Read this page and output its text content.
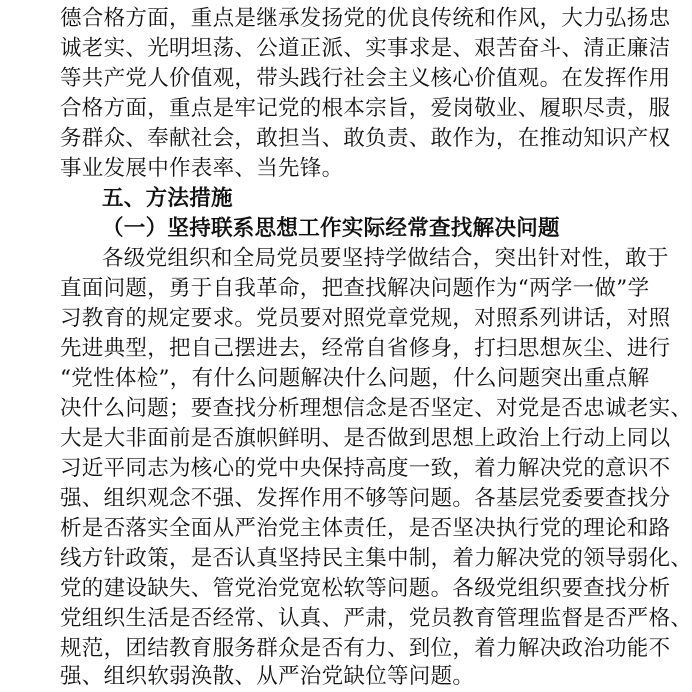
德合格方面，重点是继承发扬党的优良传统和作风，大力弘扬忠
诚老实、光明坦荡、公道正派、实事求是、艰苦奋斗、清正廉洁
等共产党人价值观，带头践行社会主义核心价值观。在发挥作用
合格方面，重点是牢记党的根本宗旨，爱岗敬业、履职尽责，服
务群众、奉献社会，敢担当、敢负责、敢作为，在推动知识产权
事业发展中作表率、当先锋。
五、方法措施
（一）坚持联系思想工作实际经常查找解决问题
各级党组织和全局党员要坚持学做结合，突出针对性，敢于
直面问题，勇于自我革命，把查找解决问题作为“两学一做”学
习教育的规定要求。党员要对照党章党规，对照系列讲话，对照
先进典型，把自己摆进去，经常自省修身，打扫思想灰尘、进行
“党性体检”，有什么问题解决什么问题，什么问题突出重点解
决什么问题；要查找分析理想信念是否坚定、对党是否忠诚老实、
大是大非面前是否旗帜鲜明、是否做到思想上政治上行动上同以
习近平同志为核心的党中央保持高度一致，着力解决党的意识不
强、组织观念不强、发挥作用不够等问题。各基层党委要查找分
析是否落实全面从严治党主体责任，是否坚决执行党的理论和路
线方针政策，是否认真坚持民主集中制，着力解决党的领导弱化、
党的建设缺失、管党治党宽松软等问题。各级党组织要查找分析
党组织生活是否经常、认真、严肃，党员教育管理监督是否严格、
规范，团结教育服务群众是否有力、到位，着力解决政治功能不
强、组织软弱涣散、从严治党缺位等问题。
